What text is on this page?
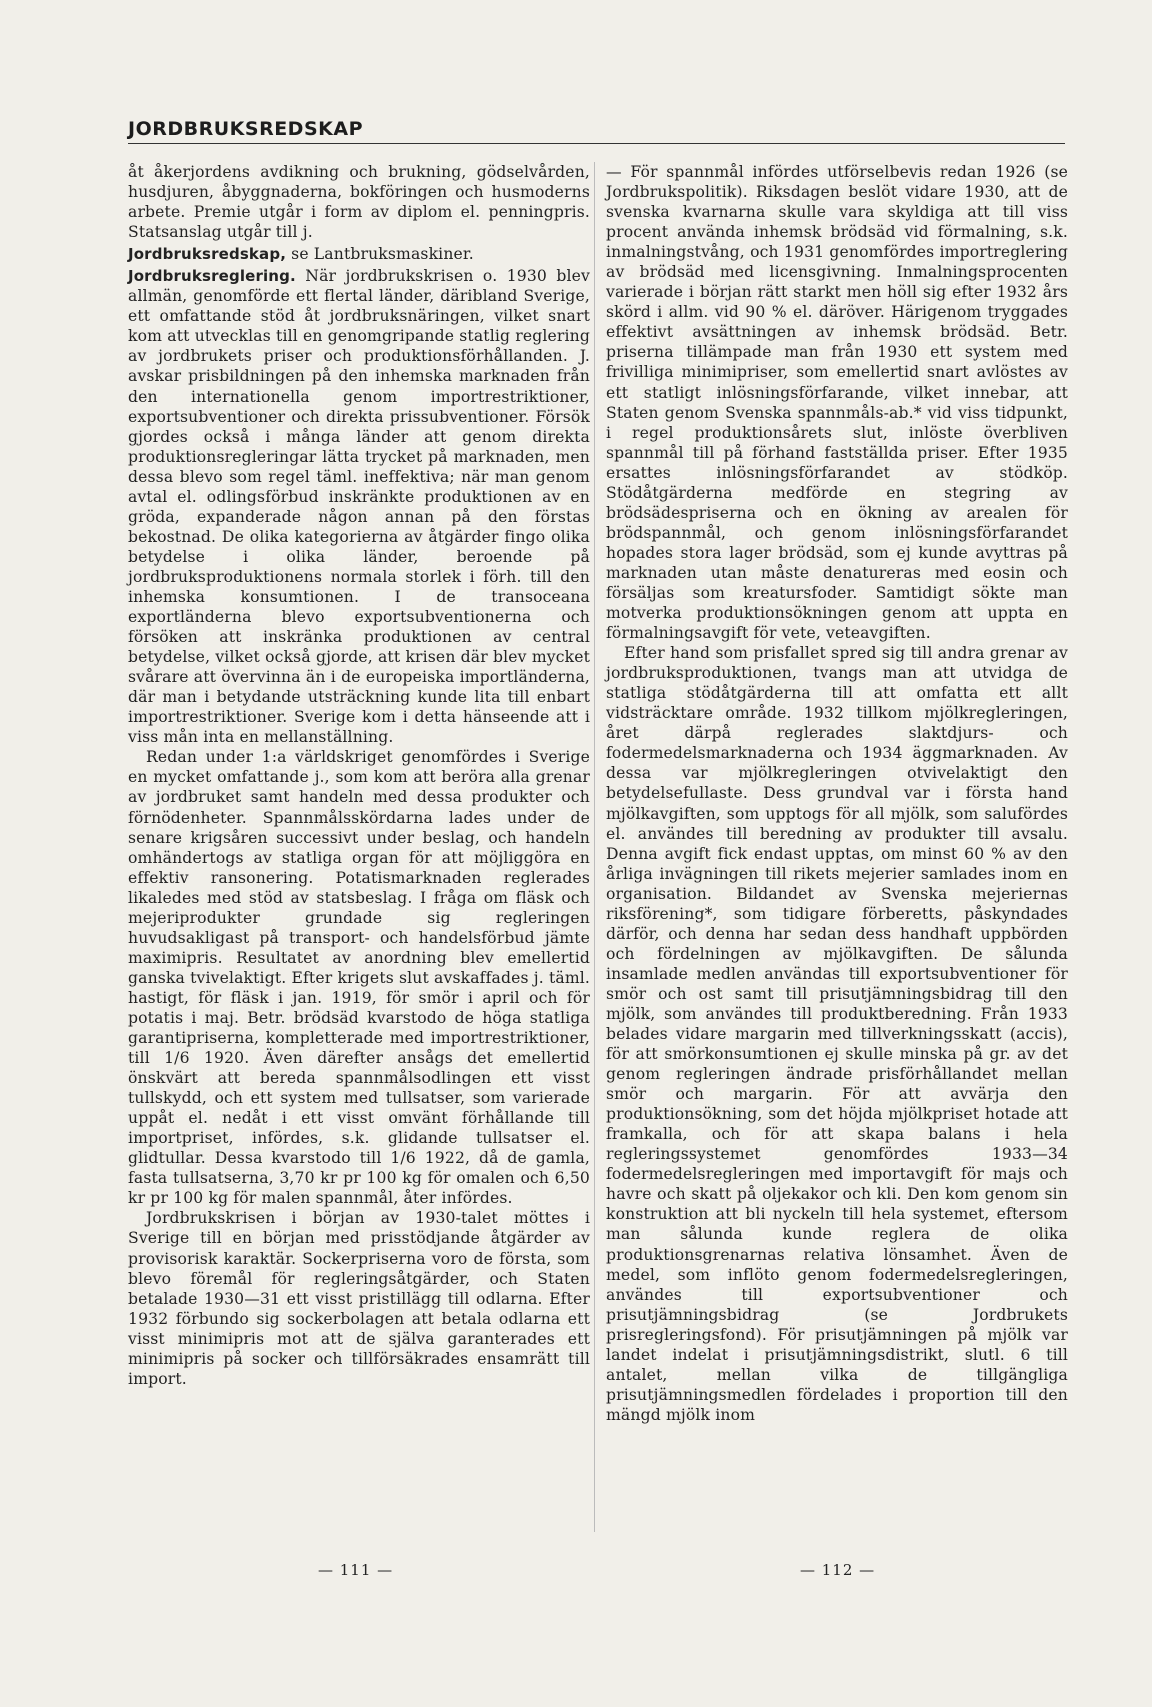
JORDBRUKSREDSKAP

åt åkerjordens avdikning och brukning, gödselvården, husdjuren, åbyggnaderna, bokföringen och husmoderns arbete. Premie utgår i form av diplom el. penningpris. Statsanslag utgår till j.

Jordbruksredskap, se Lantbruksmaskiner.

Jordbruksreglering. När jordbrukskrisen o. 1930 blev allmän, genomförde ett flertal länder, däribland Sverige, ett omfattande stöd åt jordbruksnäringen, vilket snart kom att utvecklas till en genomgripande statlig reglering av jordbrukets priser och produktionsförhållanden. J. avskar prisbildningen på den inhemska marknaden från den internationella genom importrestriktioner, exportsubventioner och direkta prissubventioner. Försök gjordes också i många länder att genom direkta produktionsregleringar lätta trycket på marknaden, men dessa blevo som regel täml. ineffektiva; när man genom avtal el. odlingsförbud inskränkte produktionen av en gröda, expanderade någon annan på den förstas bekostnad. De olika kategorierna av åtgärder fingo olika betydelse i olika länder, beroende på jordbruksproduktionens normala storlek i förh. till den inhemska konsumtionen. I de transoceana exportländerna blevo exportsubventionerna och försöken att inskränka produktionen av central betydelse, vilket också gjorde, att krisen där blev mycket svårare att övervinna än i de europeiska importländerna, där man i betydande utsträckning kunde lita till enbart importrestriktioner. Sverige kom i detta hänseende att i viss mån inta en mellanställning.

Redan under 1:a världskriget genomfördes i Sverige en mycket omfattande j., som kom att beröra alla grenar av jordbruket samt handeln med dessa produkter och förnödenheter. Spannmålsskördarna lades under de senare krigsåren successivt under beslag, och handeln omhändertogs av statliga organ för att möjliggöra en effektiv ransonering. Potatismarknaden reglerades likaledes med stöd av statsbeslag. I fråga om fläsk och mejeriprodukter grundade sig regleringen huvudsakligast på transport- och handelsförbud jämte maximipris. Resultatet av anordning blev emellertid ganska tvivelaktigt. Efter krigets slut avskaffades j. täml. hastigt, för fläsk i jan. 1919, för smör i april och för potatis i maj. Betr. brödsäd kvarstodo de höga statliga garantipriserna, kompletterade med importrestriktioner, till 1/6 1920. Även därefter ansågs det emellertid önskvärt att bereda spannmålsodlingen ett visst tullskydd, och ett system med tullsatser, som varierade uppåt el. nedåt i ett visst omvänt förhållande till importpriset, infördes, s.k. glidande tullsatser el. glidtullar. Dessa kvarstodo till 1/6 1922, då de gamla, fasta tullsatserna, 3,70 kr pr 100 kg för omalen och 6,50 kr pr 100 kg för malen spannmål, åter infördes.

Jordbrukskrisen i början av 1930-talet möttes i Sverige till en början med prisstödjande åtgärder av provisorisk karaktär. Sockerpriserna voro de första, som blevo föremål för regleringsåtgärder, och Staten betalade 1930—31 ett visst pristillägg till odlarna. Efter 1932 förbundo sig sockerbolagen att betala odlarna ett visst minimipris mot att de själva garanterades ett minimipris på socker och tillförsäkrades ensamrätt till import.

— För spannmål infördes utförselbevis redan 1926 (se Jordbrukspolitik). Riksdagen beslöt vidare 1930, att de svenska kvarnarna skulle vara skyldiga att till viss procent använda inhemsk brödsäd vid förmalning, s.k. inmalningstvång, och 1931 genomfördes importreglering av brödsäd med licensgivning. Inmalningsprocenten varierade i början rätt starkt men höll sig efter 1932 års skörd i allm. vid 90 % el. däröver. Härigenom tryggades effektivt avsättningen av inhemsk brödsäd. Betr. priserna tillämpade man från 1930 ett system med frivilliga minimipriser, som emellertid snart avlöstes av ett statligt inlösningsförfarande, vilket innebar, att Staten genom Svenska spannmåls-ab.* vid viss tidpunkt, i regel produktionsårets slut, inlöste överbliven spannmål till på förhand fastställda priser. Efter 1935 ersattes inlösningsförfarandet av stödköp. Stödåtgärderna medförde en stegring av brödsädespriserna och en ökning av arealen för brödspannmål, och genom inlösningsförfarandet hopades stora lager brödsäd, som ej kunde avyttras på marknaden utan måste denatureras med eosin och försäljas som kreatursfoder. Samtidigt sökte man motverka produktionsökningen genom att uppta en förmalningsavgift för vete, veteavgiften.

Efter hand som prisfallet spred sig till andra grenar av jordbruksproduktionen, tvangs man att utvidga de statliga stödåtgärderna till att omfatta ett allt vidsträcktare område. 1932 tillkom mjölkregleringen, året därpå reglerades slaktdjurs- och fodermedelsmarknaderna och 1934 äggmarknaden. Av dessa var mjölkregleringen otvivelaktigt den betydelsefullaste. Dess grundval var i första hand mjölkavgiften, som upptogs för all mjölk, som salufördes el. användes till beredning av produkter till avsalu. Denna avgift fick endast upptas, om minst 60 % av den årliga invägningen till rikets mejerier samlades inom en organisation. Bildandet av Svenska mejeriernas riksförening*, som tidigare förberetts, påskyndades därför, och denna har sedan dess handhaft uppbörden och fördelningen av mjölkavgiften. De sålunda insamlade medlen användas till exportsubventioner för smör och ost samt till prisutjämningsbidrag till den mjölk, som användes till produktberedning. Från 1933 belades vidare margarin med tillverkningsskatt (accis), för att smörkonsumtionen ej skulle minska på gr. av det genom regleringen ändrade prisförhållandet mellan smör och margarin. För att avvärja den produktionsökning, som det höjda mjölkpriset hotade att framkalla, och för att skapa balans i hela regleringssystemet genomfördes 1933—34 fodermedelsregleringen med importavgift för majs och havre och skatt på oljekakor och kli. Den kom genom sin konstruktion att bli nyckeln till hela systemet, eftersom man sålunda kunde reglera de olika produktionsgrenarnas relativa lönsamhet. Även de medel, som inflöto genom fodermedelsregleringen, användes till exportsubventioner och prisutjämningsbidrag (se Jordbrukets prisregleringsfond). För prisutjämningen på mjölk var landet indelat i prisutjämningsdistrikt, slutl. 6 till antalet, mellan vilka de tillgängliga prisutjämningsmedlen fördelades i proportion till den mängd mjölk inom

— 111 —	— 112 —
